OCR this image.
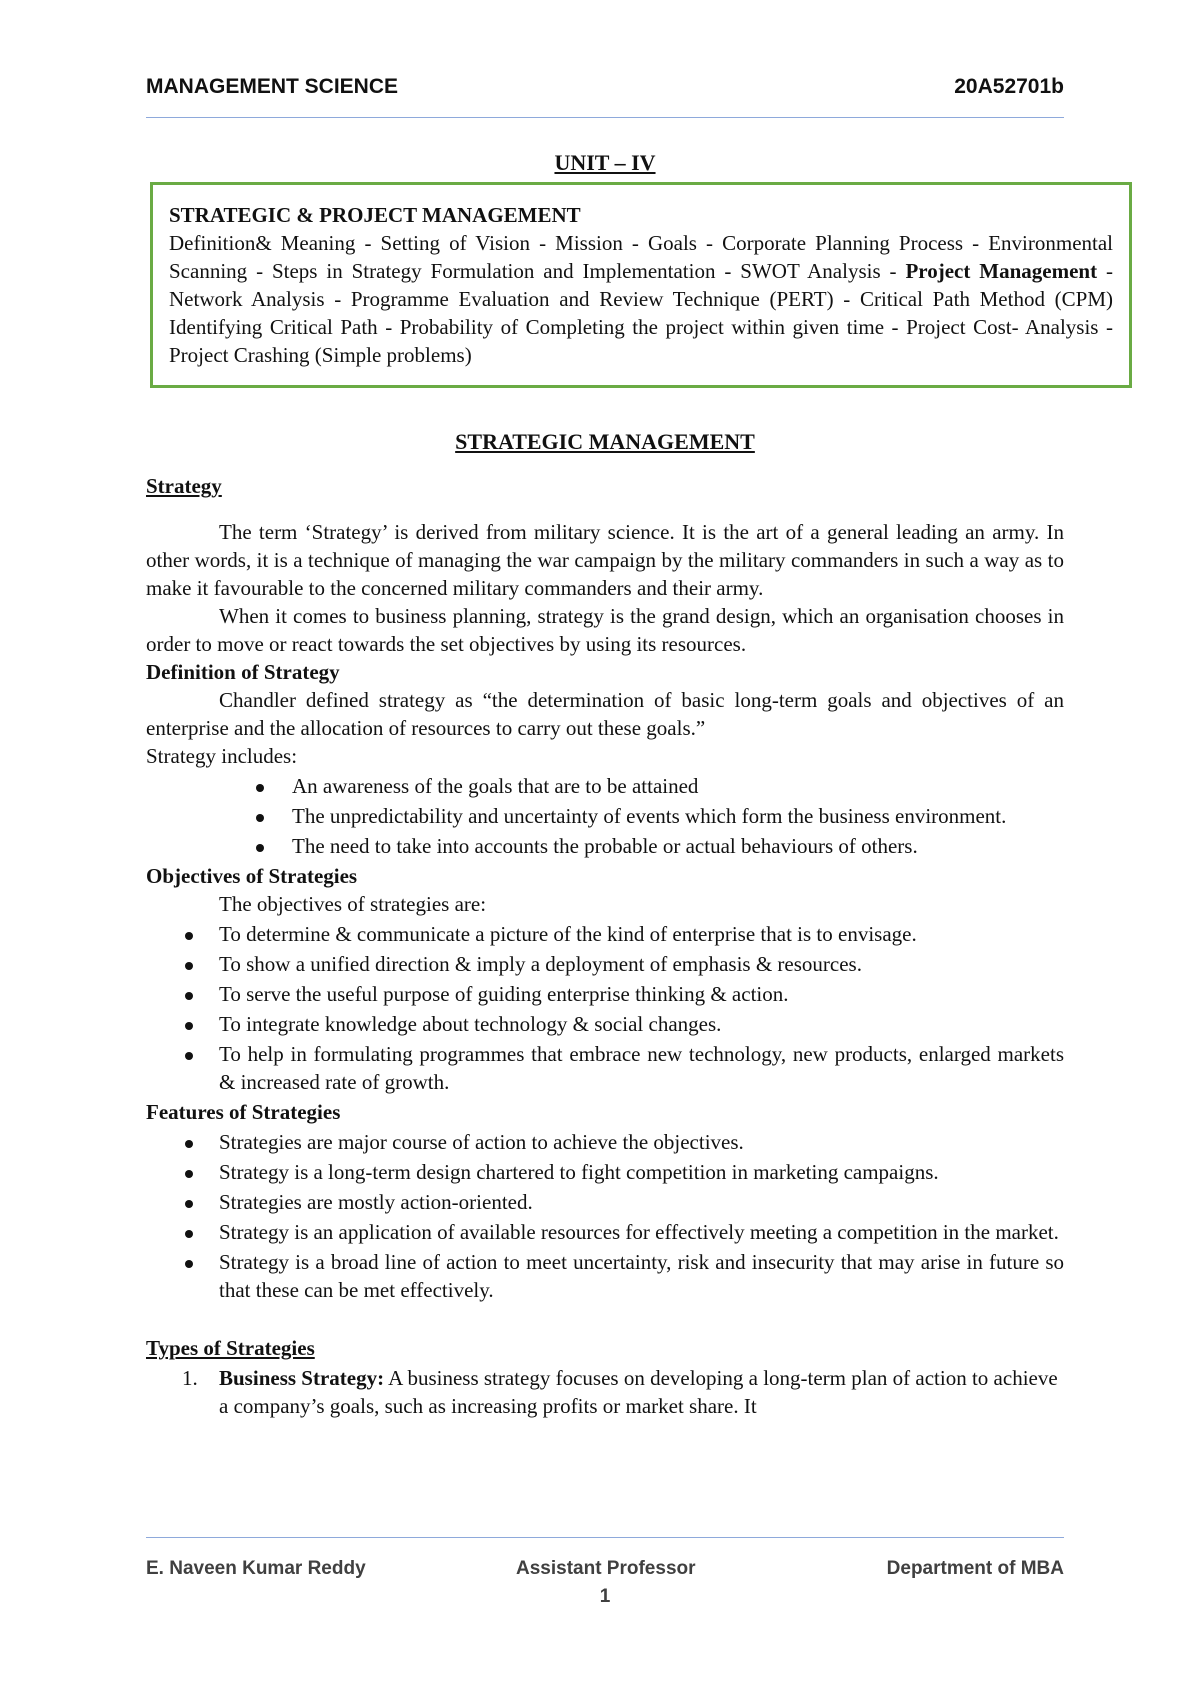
MANAGEMENT SCIENCE	20A52701b
UNIT – IV
STRATEGIC & PROJECT MANAGEMENT
Definition& Meaning - Setting of Vision - Mission - Goals - Corporate Planning Process - Environmental Scanning - Steps in Strategy Formulation and Implementation - SWOT Analysis - Project Management - Network Analysis - Programme Evaluation and Review Technique (PERT) - Critical Path Method (CPM) Identifying Critical Path - Probability of Completing the project within given time - Project Cost- Analysis - Project Crashing (Simple problems)
STRATEGIC MANAGEMENT
Strategy

The term ‘Strategy’ is derived from military science. It is the art of a general leading an army. In other words, it is a technique of managing the war campaign by the military commanders in such a way as to make it favourable to the concerned military commanders and their army.

When it comes to business planning, strategy is the grand design, which an organisation chooses in order to move or react towards the set objectives by using its resources.

Definition of Strategy

Chandler defined strategy as “the determination of basic long-term goals and objectives of an enterprise and the allocation of resources to carry out these goals.”

Strategy includes:

An awareness of the goals that are to be attained
The unpredictability and uncertainty of events which form the business environment.
The need to take into accounts the probable or actual behaviours of others.
Objectives of Strategies

The objectives of strategies are:

To determine & communicate a picture of the kind of enterprise that is to envisage.
To show a unified direction & imply a deployment of emphasis & resources.
To serve the useful purpose of guiding enterprise thinking & action.
To integrate knowledge about technology & social changes.
To help in formulating programmes that embrace new technology, new products, enlarged markets & increased rate of growth.
Features of Strategies
Strategies are major course of action to achieve the objectives.
Strategy is a long-term design chartered to fight competition in marketing campaigns.
Strategies are mostly action-oriented.
Strategy is an application of available resources for effectively meeting a competition in the market.
Strategy is a broad line of action to meet uncertainty, risk and insecurity that may arise in future so that these can be met effectively.
Types of Strategies
1. Business Strategy: A business strategy focuses on developing a long-term plan of action to achieve a company’s goals, such as increasing profits or market share. It
E. Naveen Kumar Reddy	Assistant Professor	Department of MBA
1
